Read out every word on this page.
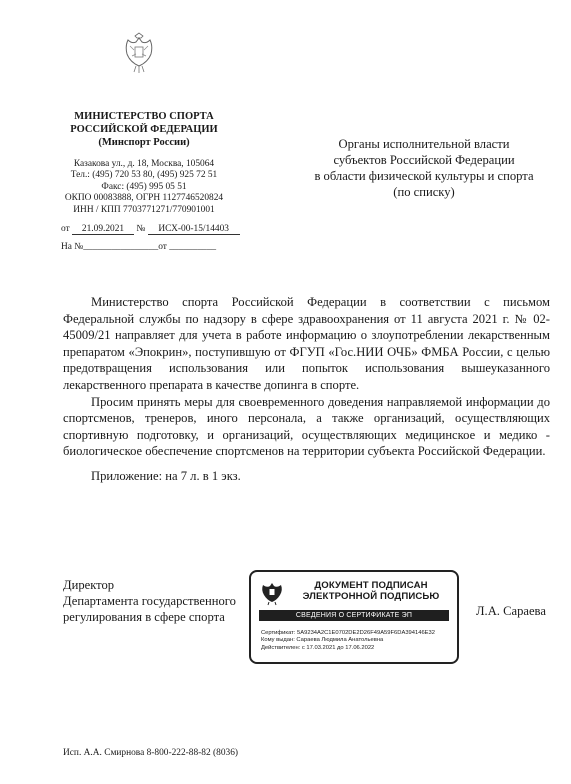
МИНИСТЕРСТВО СПОРТА
РОССИЙСКОЙ ФЕДЕРАЦИИ
(Минспорт России)
Казакова ул., д. 18, Москва, 105064
Тел.: (495) 720 53 80, (495) 925 72 51
Факс: (495) 995 05 51
ОКПО 00083888, ОГРН 1127746520824
ИНН / КПП 7703771271/770901001
от 21.09.2021 № ИСХ-00-15/14403
На №________________от __________
Органы исполнительной власти
субъектов Российской Федерации
в области физической культуры и спорта
(по списку)

Министерство спорта Российской Федерации в соответствии с письмом Федеральной службы по надзору в сфере здравоохранения от 11 августа 2021 г. № 02-45009/21 направляет для учета в работе информацию о злоупотреблении лекарственным препаратом «Эпокрин», поступившую от ФГУП «Гос.НИИ ОЧБ» ФМБА России, с целью предотвращения использования или попыток использования вышеуказанного лекарственного препарата в качестве допинга в спорте.

Просим принять меры для своевременного доведения направляемой информации до спортсменов, тренеров, иного персонала, а также организаций, осуществляющих спортивную подготовку, и организаций, осуществляющих медицинское и медико - биологическое обеспечение спортсменов на территории субъекта Российской Федерации.

Приложение: на 7 л. в 1 экз.

Директор
Департамента государственного
регулирования в сфере спорта
ДОКУМЕНТ ПОДПИСАН
ЭЛЕКТРОННОЙ ПОДПИСЬЮ
СВЕДЕНИЯ О СЕРТИФИКАТЕ ЭП
Сертификат: 5A9234A2C1E0702DE2D26F49A59F6DA394146E32
Кому выдан: Сараева Людмила Анатольевна
Действителен: с 17.03.2021 до 17.06.2022
Л.А. Сараева
Исп. А.А. Смирнова 8-800-222-88-82 (8036)
